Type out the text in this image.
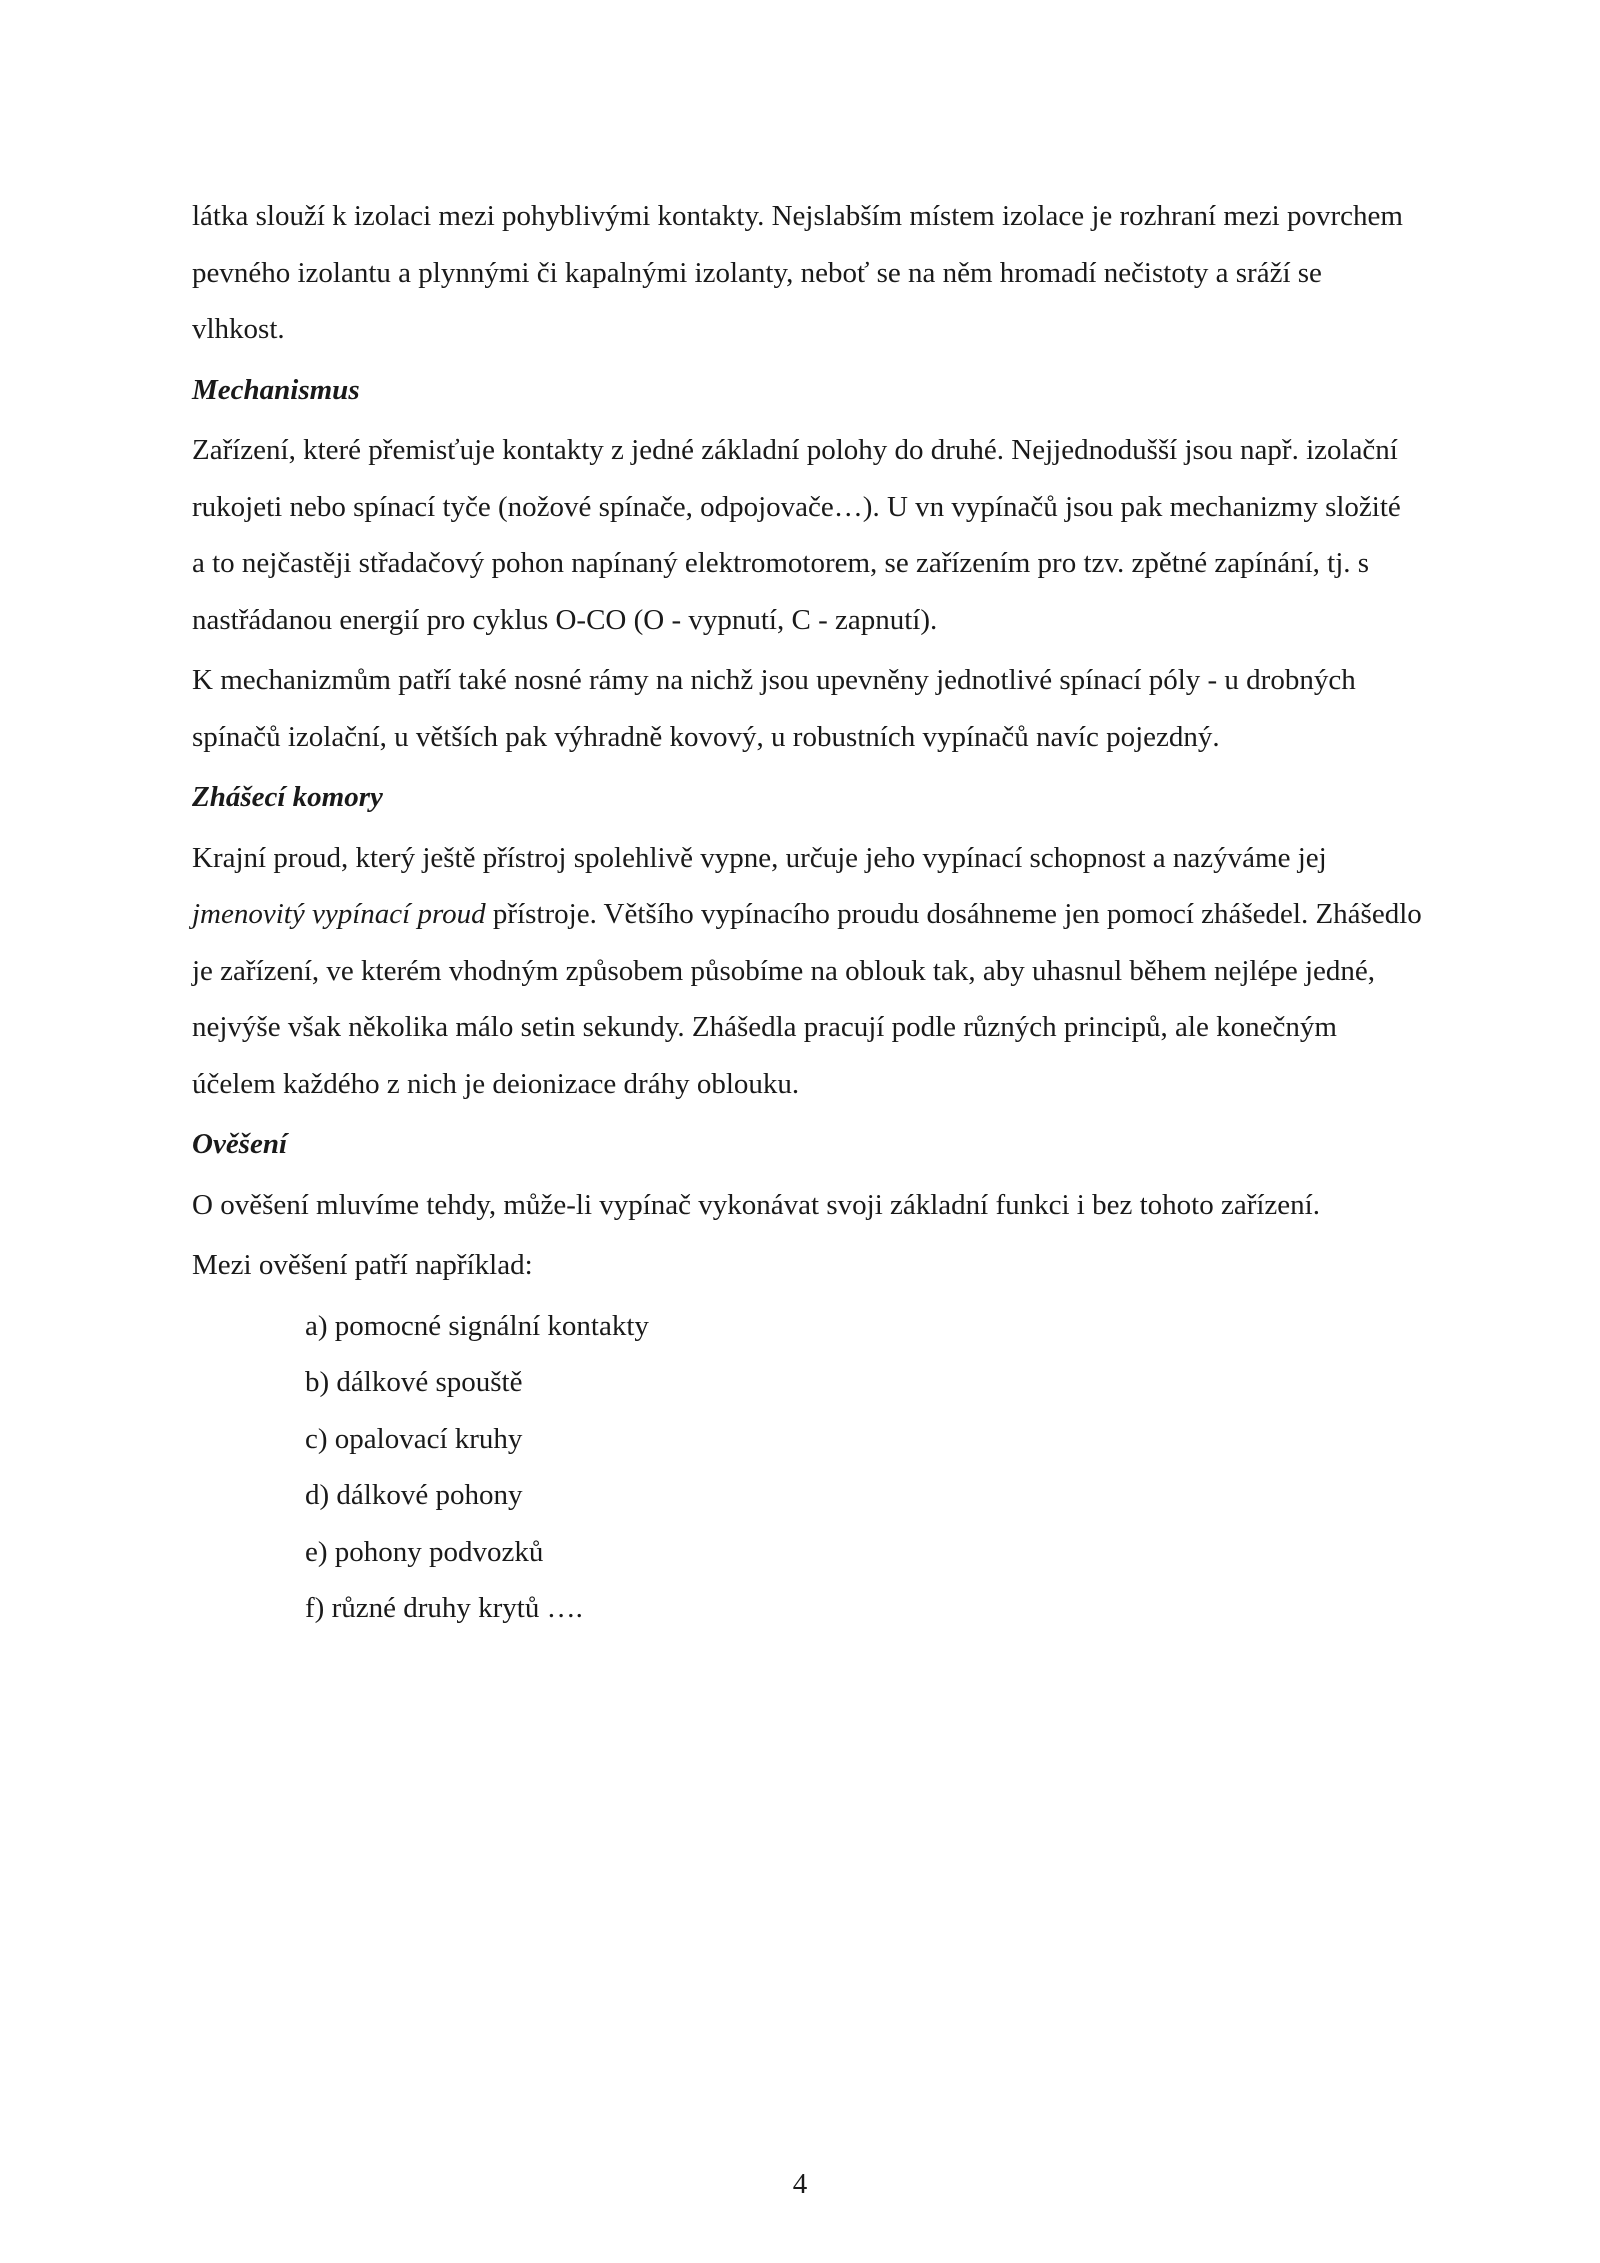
látka slouží k izolaci mezi pohyblivými kontakty. Nejslabším místem izolace je rozhraní mezi povrchem pevného izolantu a plynnými či kapalnými izolanty, neboť se na něm hromadí nečistoty a sráží se vlhkost.

Mechanismus

Zařízení, které přemisťuje kontakty z jedné základní polohy do druhé. Nejjednodušší jsou např. izolační rukojeti nebo spínací tyče (nožové spínače, odpojovače…). U vn vypínačů jsou pak mechanizmy složité a to nejčastěji střadačový pohon napínaný elektromotorem, se zařízením pro tzv. zpětné zapínání, tj. s nastřádanou energií pro cyklus O-CO (O - vypnutí, C - zapnutí).

K mechanizmům patří také nosné rámy na nichž jsou upevněny jednotlivé spínací póly - u drobných spínačů izolační, u větších pak výhradně kovový, u robustních vypínačů navíc pojezdný.

Zhášecí komory

Krajní proud, který ještě přístroj spolehlivě vypne, určuje jeho vypínací schopnost a nazýváme jej jmenovitý vypínací proud přístroje. Většího vypínacího proudu dosáhneme jen pomocí zhášedel. Zhášedlo je zařízení, ve kterém vhodným způsobem působíme na oblouk tak, aby uhasnul během nejlépe jedné, nejvýše však několika málo setin sekundy. Zhášedla pracují podle různých principů, ale konečným účelem každého z nich je deionizace dráhy oblouku.

Ověšení

O ověšení mluvíme tehdy, může-li vypínač vykonávat svoji základní funkci i bez tohoto zařízení.

Mezi ověšení patří například:

a) pomocné signální kontakty
b) dálkové spouště
c) opalovací kruhy
d) dálkové pohony
e) pohony podvozků
f) různé druhy krytů ….
4
